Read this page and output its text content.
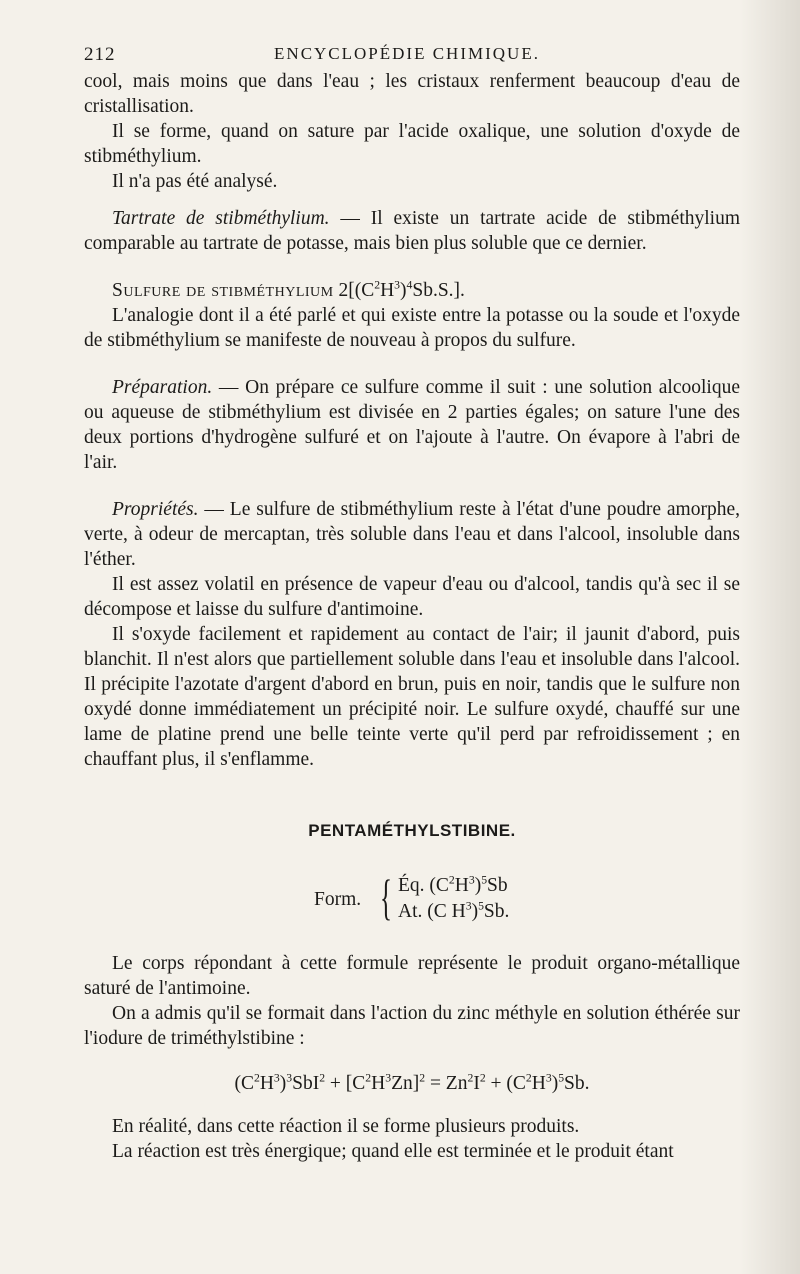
212	ENCYCLOPÉDIE CHIMIQUE.

cool, mais moins que dans l'eau ; les cristaux renferment beaucoup d'eau de cristallisation.

Il se forme, quand on sature par l'acide oxalique, une solution d'oxyde de stibméthylium.

Il n'a pas été analysé.

Tartrate de stibméthylium. — Il existe un tartrate acide de stibméthylium comparable au tartrate de potasse, mais bien plus soluble que ce dernier.

Sulfure de stibméthylium $2[(C^2H^3)^4Sb.S.]$.

L'analogie dont il a été parlé et qui existe entre la potasse ou la soude et l'oxyde de stibméthylium se manifeste de nouveau à propos du sulfure.

Préparation. — On prépare ce sulfure comme il suit : une solution alcoolique ou aqueuse de stibméthylium est divisée en 2 parties égales; on sature l'une des deux portions d'hydrogène sulfuré et on l'ajoute à l'autre. On évapore à l'abri de l'air.

Propriétés. — Le sulfure de stibméthylium reste à l'état d'une poudre amorphe, verte, à odeur de mercaptan, très soluble dans l'eau et dans l'alcool, insoluble dans l'éther.

Il est assez volatil en présence de vapeur d'eau ou d'alcool, tandis qu'à sec il se décompose et laisse du sulfure d'antimoine.

Il s'oxyde facilement et rapidement au contact de l'air; il jaunit d'abord, puis blanchit. Il n'est alors que partiellement soluble dans l'eau et insoluble dans l'alcool. Il précipite l'azotate d'argent d'abord en brun, puis en noir, tandis que le sulfure non oxydé donne immédiatement un précipité noir. Le sulfure oxydé, chauffé sur une lame de platine prend une belle teinte verte qu'il perd par refroidissement ; en chauffant plus, il s'enflamme.

PENTAMÉTHYLSTIBINE.
Form. { Éq. $(C^2H^3)^5Sb$
At. (C $H^3)^5Sb$.

Le corps répondant à cette formule représente le produit organo-métallique saturé de l'antimoine.

On a admis qu'il se formait dans l'action du zinc méthyle en solution éthérée sur l'iodure de triméthylstibine :

$(C^2H^3)^3SbI^2 + [C^2H^3Zn]^2 = Zn^2I^2 + (C^2H^3)^5Sb$.

En réalité, dans cette réaction il se forme plusieurs produits.

La réaction est très énergique; quand elle est terminée et le produit étant
